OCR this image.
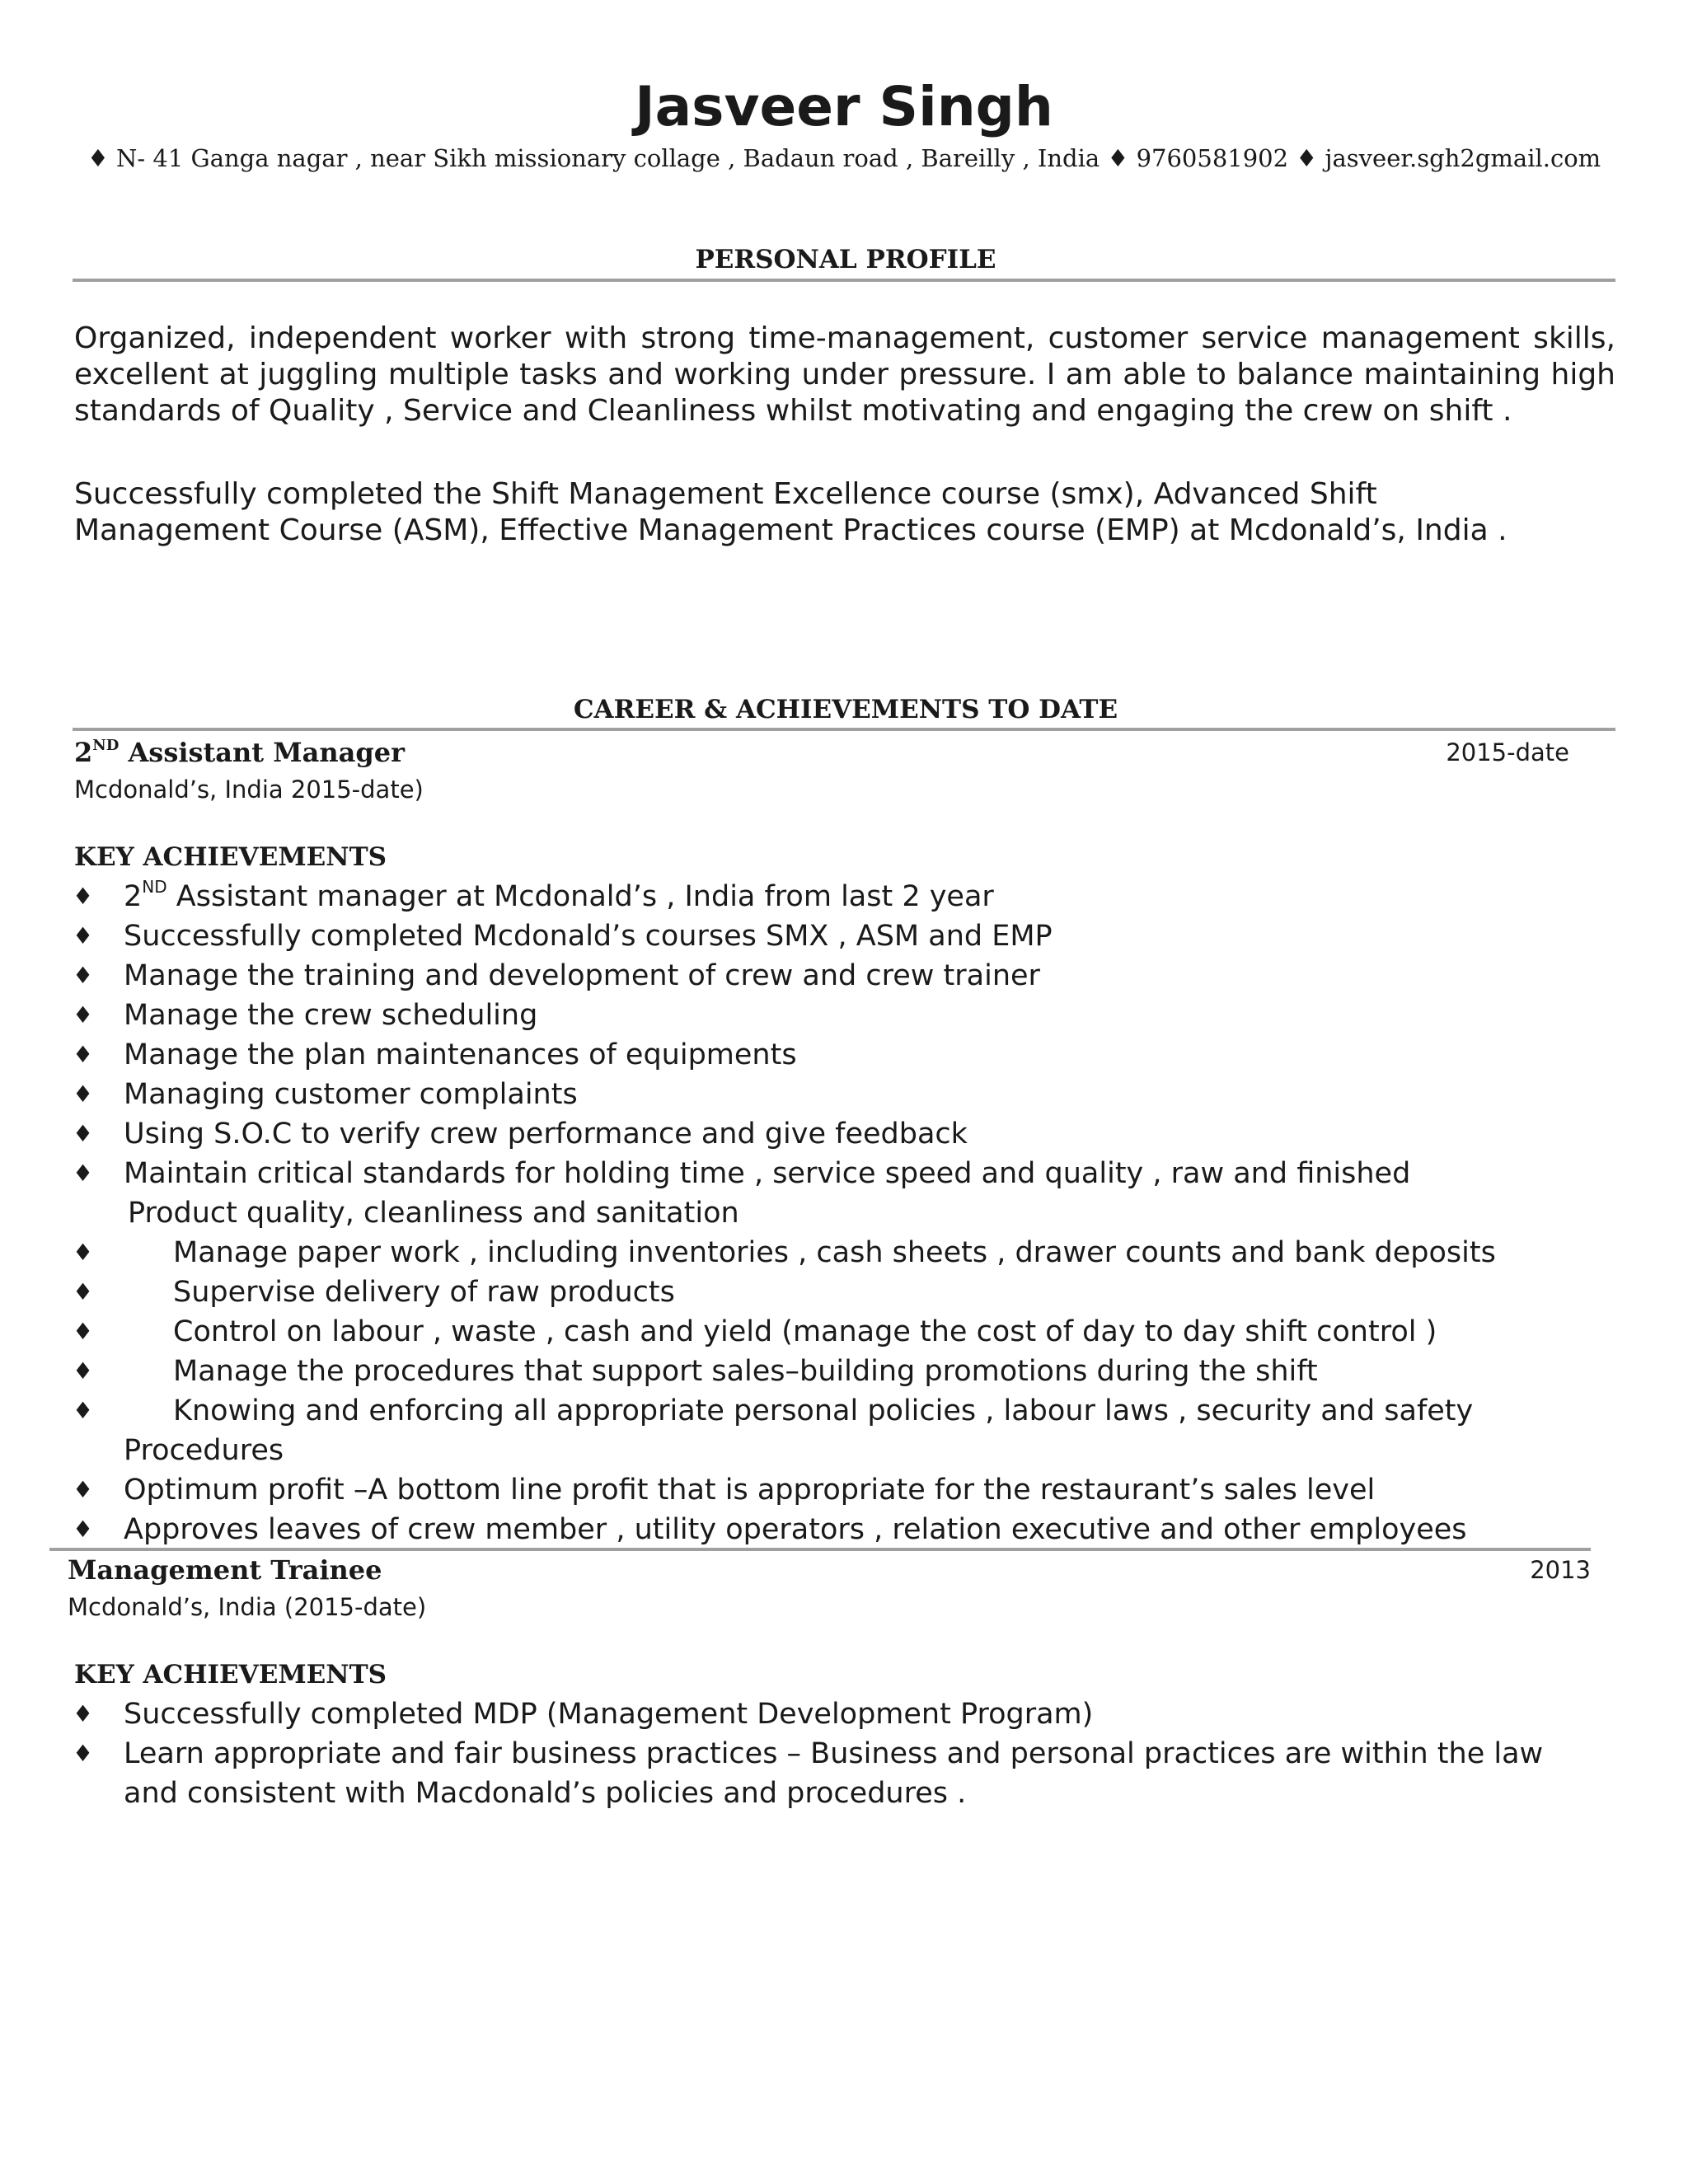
Jasveer Singh
♦ N- 41 Ganga nagar , near Sikh missionary collage , Badaun road , Bareilly , India ♦ 9760581902 ♦ jasveer.sgh2gmail.com
PERSONAL PROFILE
Organized, independent worker with strong time-management, customer service management skills, excellent at juggling multiple tasks and working under pressure. I am able to balance maintaining high standards of Quality , Service and Cleanliness whilst motivating and engaging the crew on shift .
Successfully completed the Shift Management Excellence course (smx), Advanced Shift
Management Course (ASM), Effective Management Practices course (EMP) at Mcdonald’s, India .
CAREER & ACHIEVEMENTS TO DATE
2ND Assistant Manager	2015-date
Mcdonald’s, India 2015-date)
KEY ACHIEVEMENTS
♦ 2ND Assistant manager at Mcdonald’s , India from last 2 year
♦ Successfully completed Mcdonald’s courses SMX , ASM and EMP
♦ Manage the training and development of crew and crew trainer
♦ Manage the crew scheduling
♦ Manage the plan maintenances of equipments
♦ Managing customer complaints
♦ Using S.O.C to verify crew performance and give feedback
♦ Maintain critical standards for holding time , service speed and quality , raw and finished
Product quality, cleanliness and sanitation
♦	Manage paper work , including inventories , cash sheets , drawer counts and bank deposits
♦	Supervise delivery of raw products
♦	Control on labour , waste , cash and yield (manage the cost of day to day shift control )
♦	Manage the procedures that support sales–building promotions during the shift
♦	Knowing and enforcing all appropriate personal policies , labour laws , security and safety
Procedures
♦ Optimum profit –A bottom line profit that is appropriate for the restaurant’s sales level
♦ Approves leaves of crew member , utility operators , relation executive and other employees
Management Trainee	2013
Mcdonald’s, India (2015-date)
KEY ACHIEVEMENTS
♦ Successfully completed MDP (Management Development Program)
♦ Learn appropriate and fair business practices – Business and personal practices are within the law
and consistent with Macdonald’s policies and procedures .
